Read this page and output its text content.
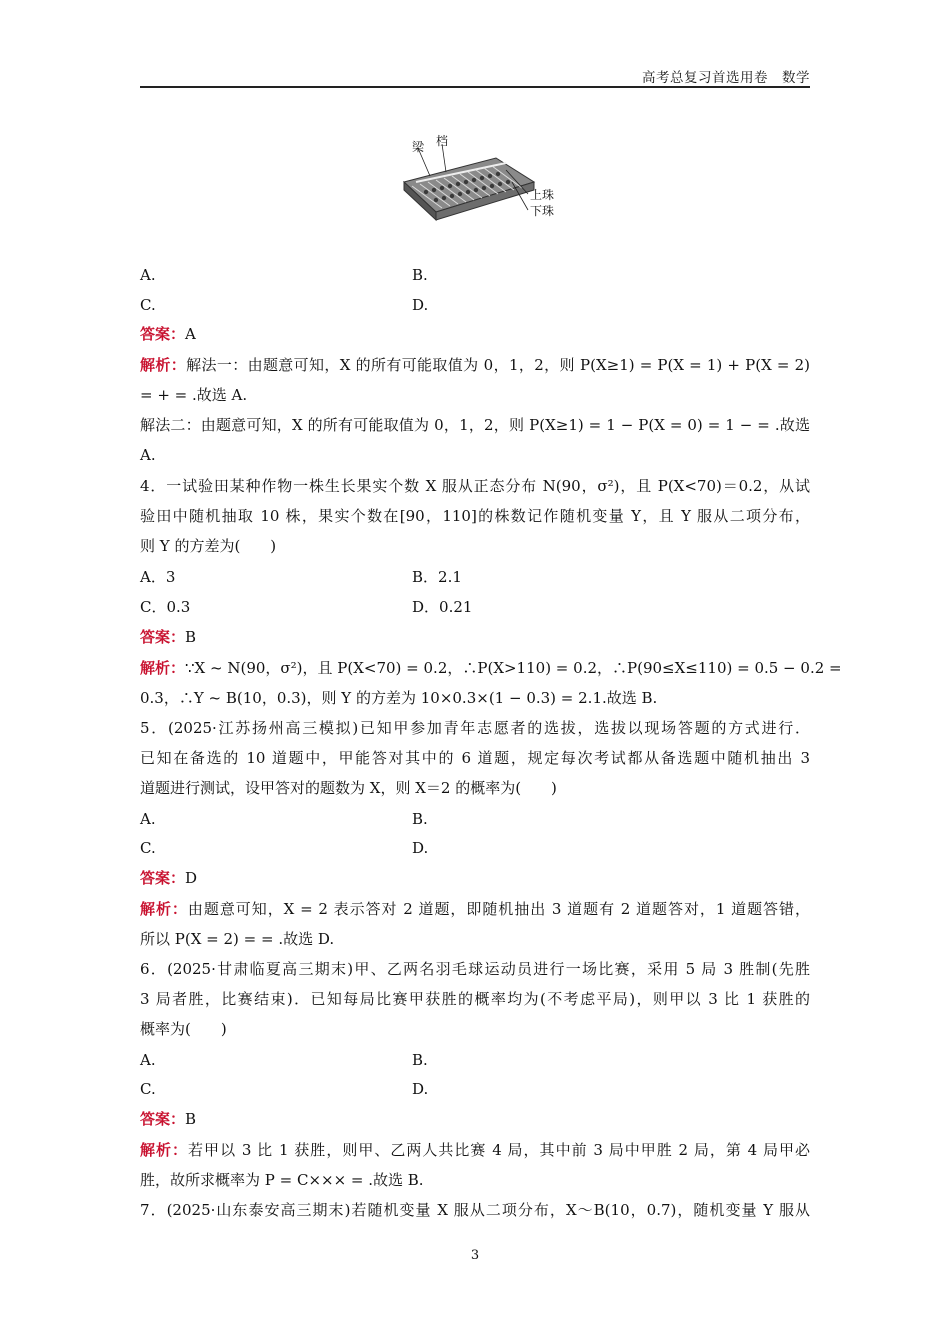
高考总复习首选用卷　数学
梁 档
上珠
下珠
A.	B.
C.	D.
答案：A
解析：解法一：由题意可知，X 的所有可能取值为 0，1，2，则 P(X≥1) = P(X = 1) + P(X = 2)
= + = .故选 A.
解法二：由题意可知，X 的所有可能取值为 0，1，2，则 P(X≥1) = 1 − P(X = 0) = 1 − = .故选
A.
4．一试验田某种作物一株生长果实个数 X 服从正态分布 N(90，σ²)，且 P(X<70)＝0.2，从试
验田中随机抽取 10 株，果实个数在[90，110]的株数记作随机变量 Y，且 Y 服从二项分布，
则 Y 的方差为(　　)
A．3	B．2.1
C．0.3	D．0.21
答案：B
解析：∵X ~ N(90，σ²)，且 P(X<70) = 0.2，∴P(X>110) = 0.2，∴P(90≤X≤110) = 0.5 − 0.2 =
0.3，∴Y ~ B(10，0.3)，则 Y 的方差为 10×0.3×(1 − 0.3) = 2.1.故选 B.
5．(2025·江苏扬州高三模拟)已知甲参加青年志愿者的选拔，选拔以现场答题的方式进行．
已知在备选的 10 道题中，甲能答对其中的 6 道题，规定每次考试都从备选题中随机抽出 3
道题进行测试，设甲答对的题数为 X，则 X＝2 的概率为(　　)
A.	B.
C.	D.
答案：D
解析：由题意可知，X = 2 表示答对 2 道题，即随机抽出 3 道题有 2 道题答对，1 道题答错，
所以 P(X = 2) = = .故选 D.
6．(2025·甘肃临夏高三期末)甲、乙两名羽毛球运动员进行一场比赛，采用 5 局 3 胜制(先胜
3 局者胜，比赛结束)．已知每局比赛甲获胜的概率均为(不考虑平局)，则甲以 3 比 1 获胜的
概率为(　　)
A.	B.
C.	D.
答案：B
解析：若甲以 3 比 1 获胜，则甲、乙两人共比赛 4 局，其中前 3 局中甲胜 2 局，第 4 局甲必
胜，故所求概率为 P = C××× = .故选 B.
7．(2025·山东泰安高三期末)若随机变量 X 服从二项分布，X～B(10，0.7)，随机变量 Y 服从
3
